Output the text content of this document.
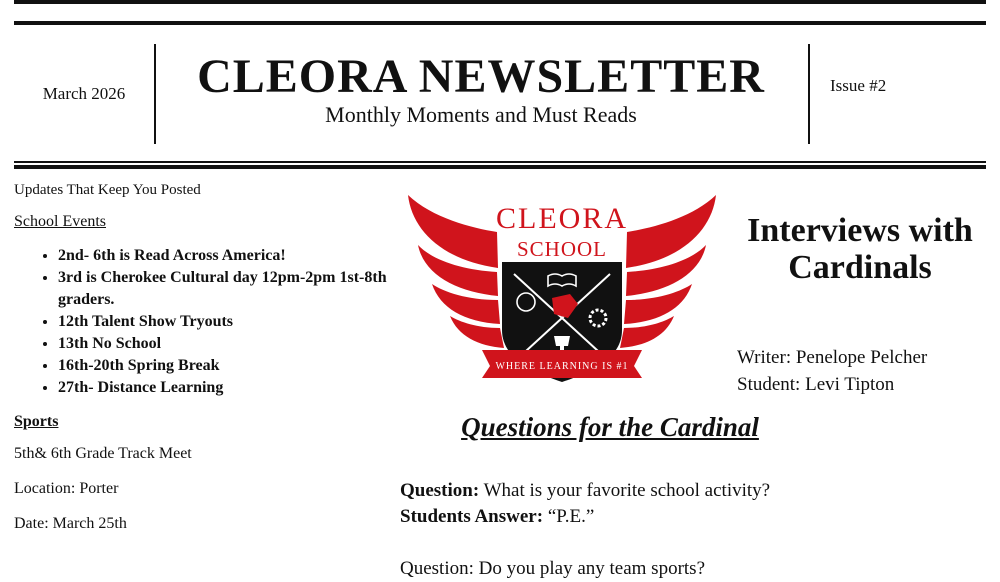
March 2026	CLEORA NEWSLETTER
Monthly Moments and Must Reads
Issue #2

Updates That Keep You Posted

School Events

• 2nd- 6th is Read Across America!
• 3rd is Cherokee Cultural day 12pm-2pm 1st-8th graders.
• 12th Talent Show Tryouts
• 13th No School
• 16th-20th Spring Break
• 27th- Distance Learning

Sports

5th& 6th Grade Track Meet

Location: Porter

Date: March 25th

CLEORA
SCHOOL
WHERE LEARNING IS #1
Interviews with Cardinals
Writer: Penelope Pelcher
Student: Levi Tipton
Questions for the Cardinal
Question: What is your favorite school activity?
Students Answer: “P.E.”
Question: Do you play any team sports?
